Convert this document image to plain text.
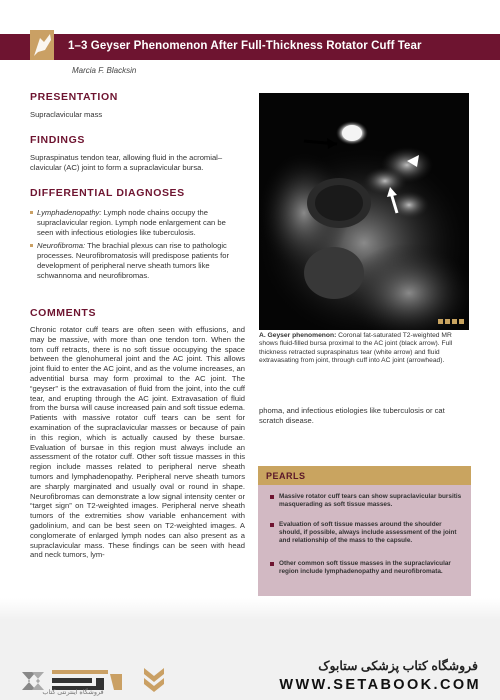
1–3 Geyser Phenomenon After Full-Thickness Rotator Cuff Tear
Marcia F. Blacksin
PRESENTATION
Supraclavicular mass
FINDINGS
Supraspinatus tendon tear, allowing fluid in the acromial–clavicular (AC) joint to form a supraclavicular bursa.
DIFFERENTIAL DIAGNOSES
Lymphadenopathy: Lymph node chains occupy the supraclavicular region. Lymph node enlargement can be seen with infectious etiologies like tuberculosis.
Neurofibroma: The brachial plexus can rise to pathologic processes. Neurofibromatosis will predispose patients for development of peripheral nerve sheath tumors like schwannoma and neurofibromas.
COMMENTS
Chronic rotator cuff tears are often seen with effusions, and may be massive, with more than one tendon torn. When the torn cuff retracts, there is no soft tissue occupying the space between the glenohumeral joint and the AC joint. This allows joint fluid to enter the AC joint, and as the volume increases, an adventitial bursa may form proximal to the AC joint. The “geyser” is the extravasation of fluid from the joint, into the cuff tear, and erupting through the AC joint. Extravasation of fluid from the bursa will cause increased pain and soft tissue edema. Patients with massive rotator cuff tears can be sent for examination of the supraclavicular masses or because of pain in this region, which is actually caused by these bursae. Evaluation of bursae in this region must always include an assessment of the rotator cuff. Other soft tissue masses in this region include masses related to peripheral nerve sheath tumors and lymphadenopathy. Peripheral nerve sheath tumors are sharply marginated and usually oval or round in shape. Neurofibromas can demonstrate a low signal intensity center or “target sign” on T2-weighted images. Peripheral nerve sheath tumors of the extremities show variable enhancement with gadolinium, and can be best seen on T2-weighted images. A conglomerate of enlarged lymph nodes can also present as a supraclavicular mass. These findings can be seen with head and neck tumors, lym-
A. Geyser phenomenon: Coronal fat-saturated T2-weighted MR shows fluid-filled bursa proximal to the AC joint (black arrow). Full thickness retracted supraspinatus tear (white arrow) and fluid extravasating from joint, through cuff into AC joint (arrowhead).
phoma, and infectious etiologies like tuberculosis or cat scratch disease.
PEARLS
Massive rotator cuff tears can show supraclavicular bursitis masquerading as soft tissue masses.
Evaluation of soft tissue masses around the shoulder should, if possible, always include assessment of the joint and relationship of the mass to the capsule.
Other common soft tissue masses in the supraclavicular region include lymphadenopathy and neurofibromata.
فروشگاه اینترنتی کتاب
فروشگاه کتاب پزشکی ستابوک
WWW.SETABOOK.COM
